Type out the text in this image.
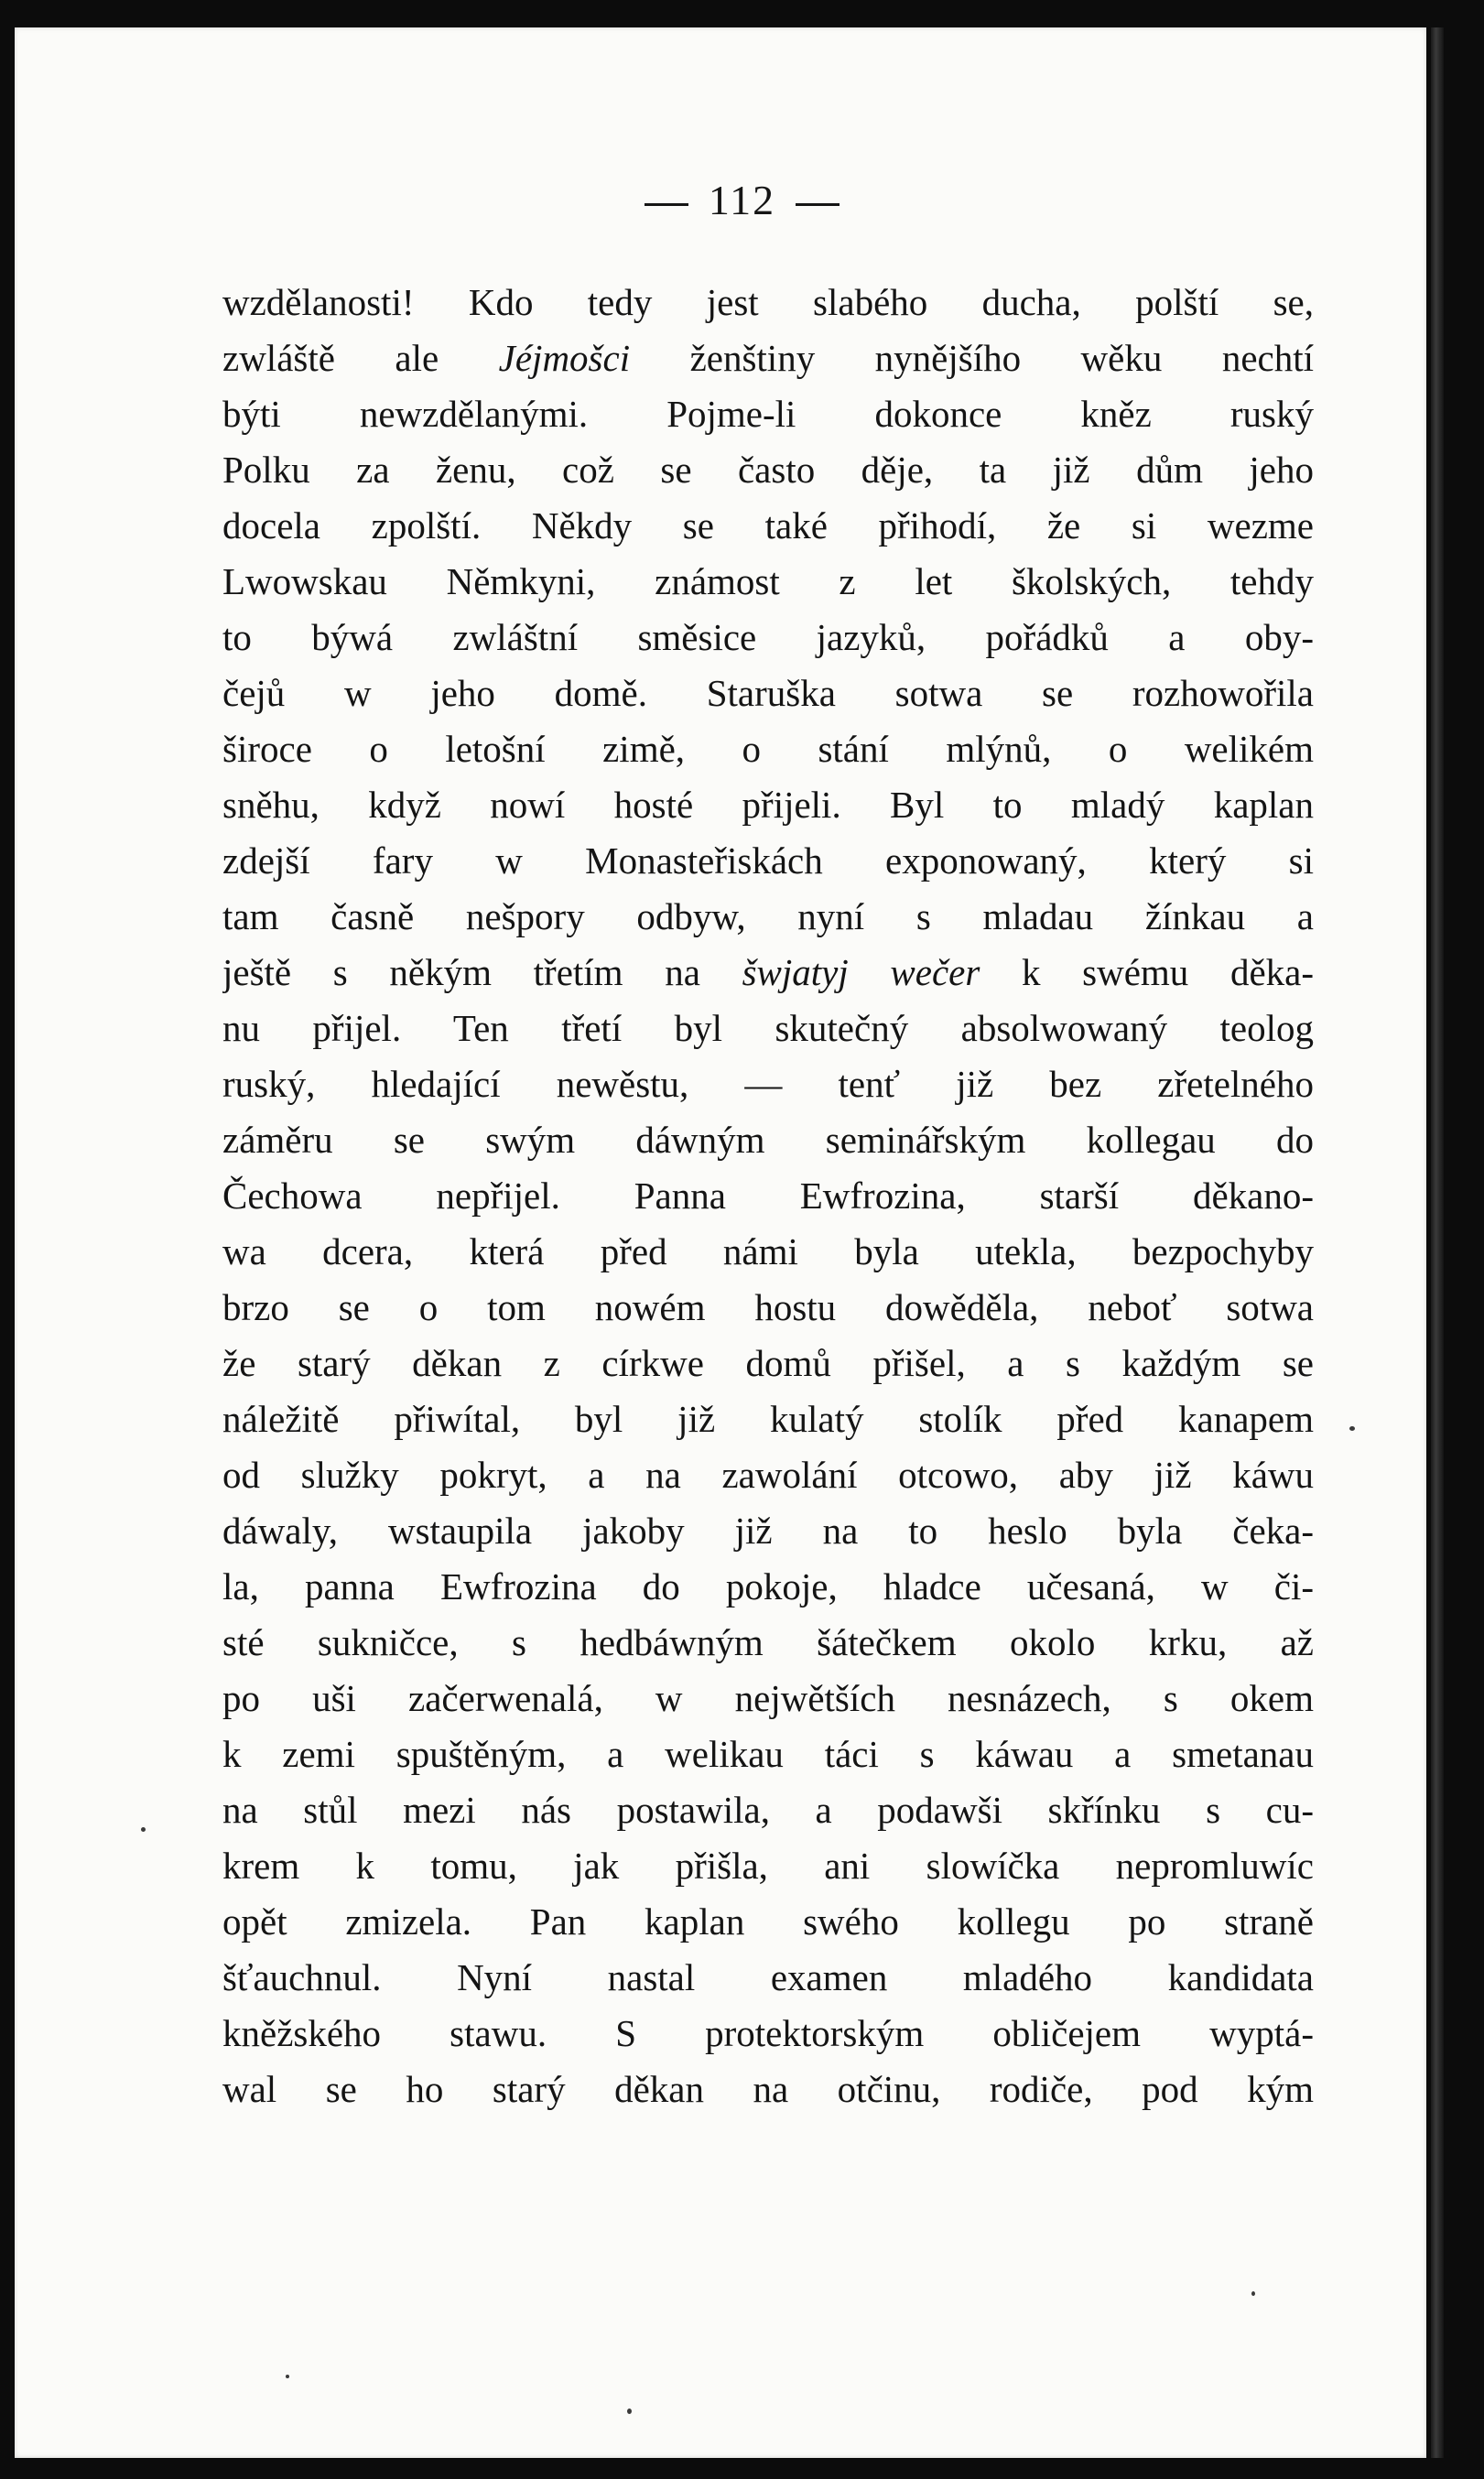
112
wzdělanosti! Kdo tedy jest slabého ducha, polští se,
zwláště ale Jéjmošci ženštiny nynějšího wěku nechtí
býti newzdělanými. Pojme-li dokonce kněz ruský
Polku za ženu, což se často děje, ta již dům jeho
docela zpolští. Někdy se také přihodí, že si wezme
Lwowskau Němkyni, známost z let školských, tehdy
to býwá zwláštní směsice jazyků, pořádků a oby-
čejů w jeho domě. Staruška sotwa se rozhowořila
široce o letošní zimě, o stání mlýnů, o welikém
sněhu, když nowí hosté přijeli. Byl to mladý kaplan
zdejší fary w Monasteřiskách exponowaný, který si
tam časně nešpory odbyw, nyní s mladau žínkau a
ještě s někým třetím na šwjatyj wečer k swému děka-
nu přijel. Ten třetí byl skutečný absolwowaný teolog
ruský, hledající newěstu, — tenť již bez zřetelného
záměru se swým dáwným seminářským kollegau do
Čechowa nepřijel. Panna Ewfrozina, starší děkano-
wa dcera, která před námi byla utekla, bezpochyby
brzo se o tom nowém hostu dowěděla, neboť sotwa
že starý děkan z církwe domů přišel, a s každým se
náležitě přiwítal, byl již kulatý stolík před kanapem
od služky pokryt, a na zawolání otcowo, aby již káwu
dáwaly, wstaupila jakoby již na to heslo byla čeka-
la, panna Ewfrozina do pokoje, hladce učesaná, w či-
sté sukničce, s hedbáwným šátečkem okolo krku, až
po uši začerwenalá, w nejwětších nesnázech, s okem
k zemi spuštěným, a welikau táci s káwau a smetanau
na stůl mezi nás postawila, a podawši skřínku s cu-
krem k tomu, jak přišla, ani slowíčka nepromluwíc
opět zmizela. Pan kaplan swého kollegu po straně
šťauchnul. Nyní nastal examen mladého kandidata
kněžského stawu. S protektorským obličejem wyptá-
wal se ho starý děkan na otčinu, rodiče, pod kým
